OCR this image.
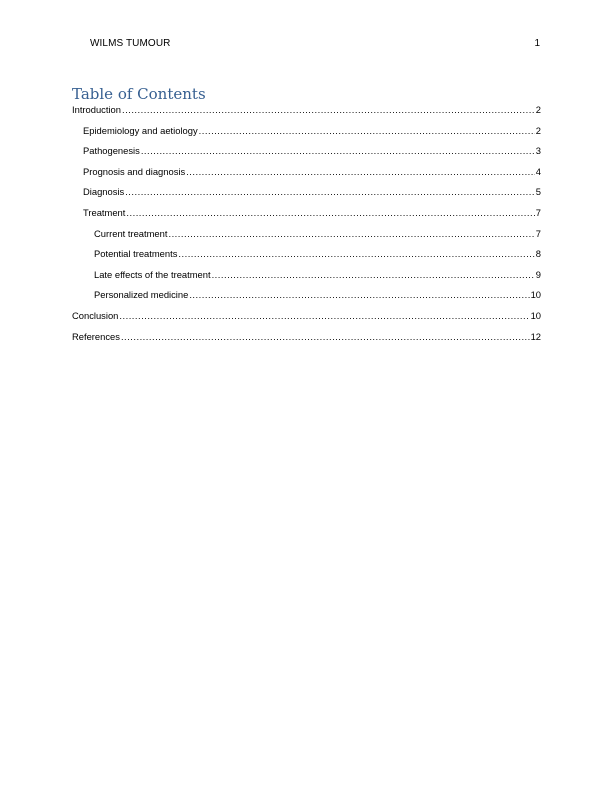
WILMS TUMOUR	1
Table of Contents
Introduction .....	2
Epidemiology and aetiology .....	2
Pathogenesis .....	3
Prognosis and diagnosis .....	4
Diagnosis .....	5
Treatment .....	7
Current treatment .....	7
Potential treatments .....	8
Late effects of the treatment .....	9
Personalized medicine .....	10
Conclusion .....	10
References .....	12
